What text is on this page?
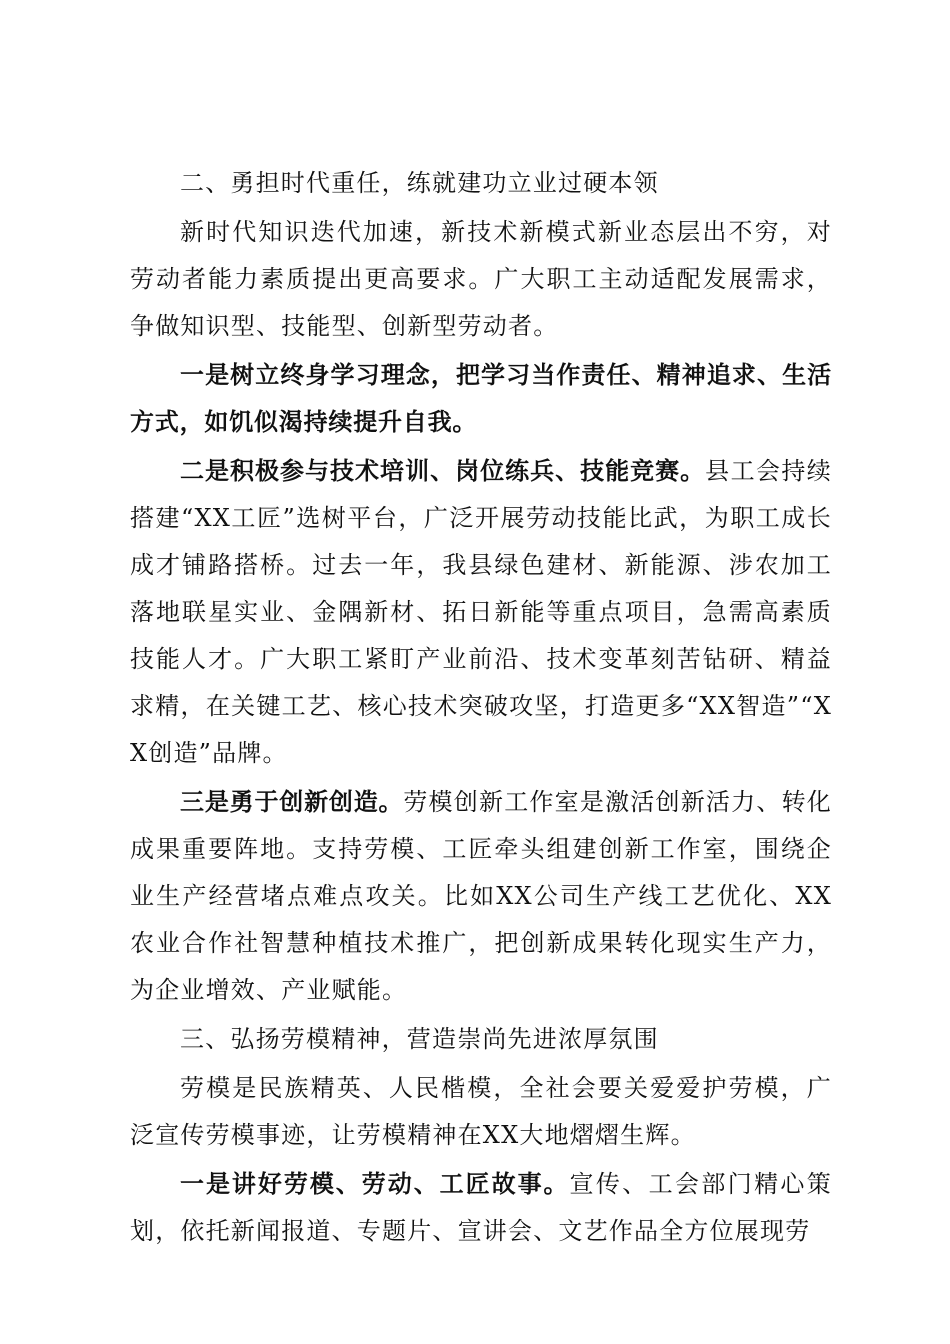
二、勇担时代重任，练就建功立业过硬本领

新时代知识迭代加速，新技术新模式新业态层出不穷，对劳动者能力素质提出更高要求。广大职工主动适配发展需求，争做知识型、技能型、创新型劳动者。

一是树立终身学习理念，把学习当作责任、精神追求、生活方式，如饥似渴持续提升自我。

二是积极参与技术培训、岗位练兵、技能竞赛。县工会持续搭建“XX工匠”选树平台，广泛开展劳动技能比武，为职工成长成才铺路搭桥。过去一年，我县绿色建材、新能源、涉农加工落地联星实业、金隅新材、拓日新能等重点项目，急需高素质技能人才。广大职工紧盯产业前沿、技术变革刻苦钻研、精益求精，在关键工艺、核心技术突破攻坚，打造更多“XX智造”“XX创造”品牌。

三是勇于创新创造。劳模创新工作室是激活创新活力、转化成果重要阵地。支持劳模、工匠牵头组建创新工作室，围绕企业生产经营堵点难点攻关。比如XX公司生产线工艺优化、XX农业合作社智慧种植技术推广，把创新成果转化现实生产力，为企业增效、产业赋能。

三、弘扬劳模精神，营造崇尚先进浓厚氛围

劳模是民族精英、人民楷模，全社会要关爱爱护劳模，广泛宣传劳模事迹，让劳模精神在XX大地熠熠生辉。

一是讲好劳模、劳动、工匠故事。宣传、工会部门精心策划，依托新闻报道、专题片、宣讲会、文艺作品全方位展现劳
